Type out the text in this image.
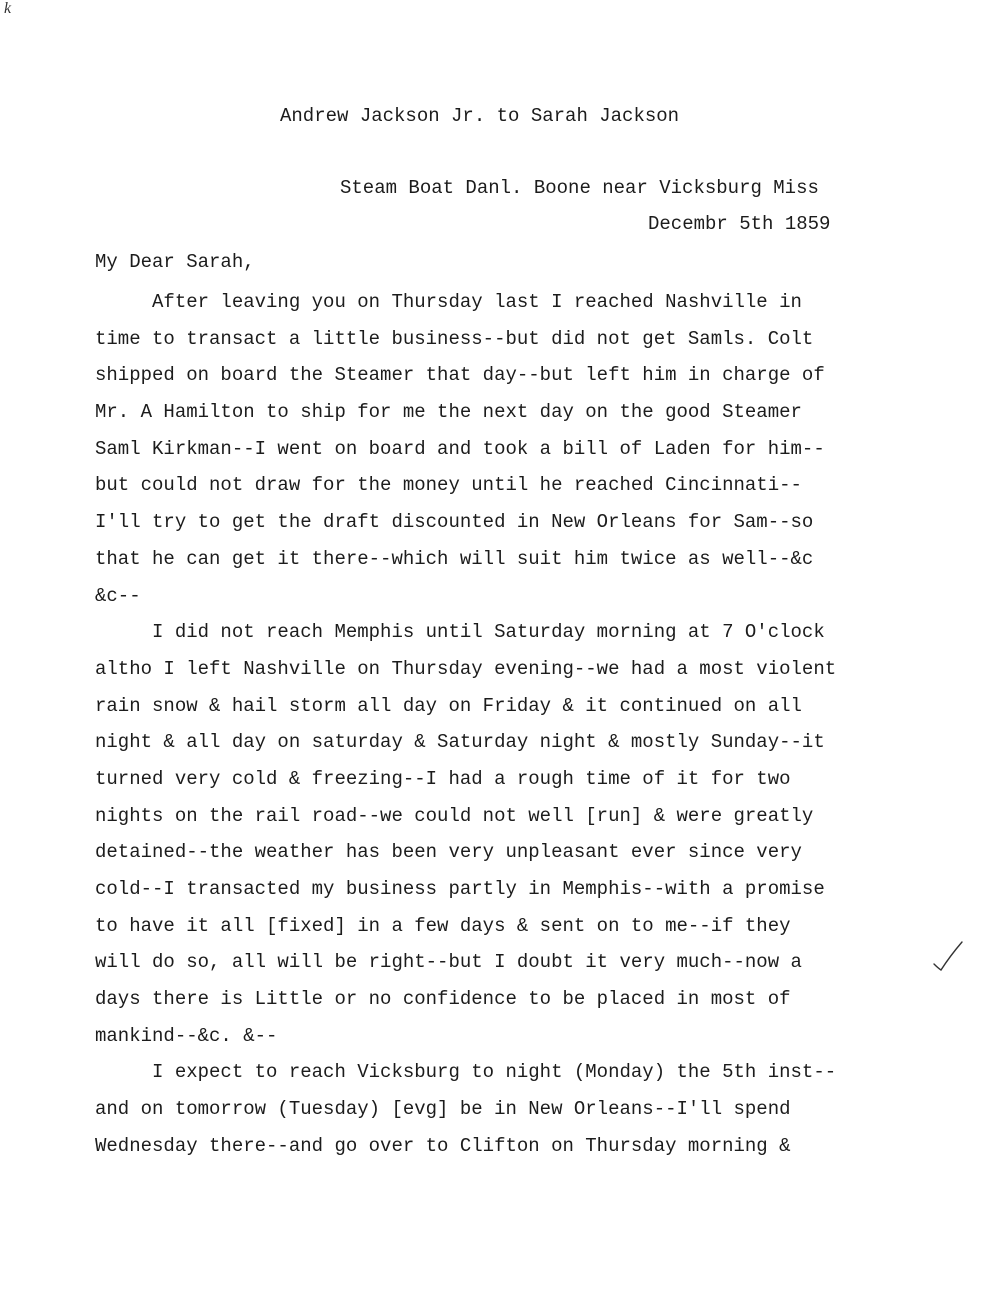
k
Andrew Jackson Jr. to Sarah Jackson
Steam Boat Danl. Boone near Vicksburg Miss
Decembr 5th 1859
My Dear Sarah,
After leaving you on Thursday last I reached Nashville in
time to transact a little business--but did not get Samls. Colt
shipped on board the Steamer that day--but left him in charge of
Mr. A Hamilton to ship for me the next day on the good Steamer
Saml Kirkman--I went on board and took a bill of Laden for him--
but could not draw for the money until he reached Cincinnati--
I'll try to get the draft discounted in New Orleans for Sam--so
that he can get it there--which will suit him twice as well--&c
&c--
I did not reach Memphis until Saturday morning at 7 O'clock
altho I left Nashville on Thursday evening--we had a most violent
rain snow & hail storm all day on Friday & it continued on all
night & all day on saturday & Saturday night & mostly Sunday--it
turned very cold & freezing--I had a rough time of it for two
nights on the rail road--we could not well [run] & were greatly
detained--the weather has been very unpleasant ever since very
cold--I transacted my business partly in Memphis--with a promise
to have it all [fixed] in a few days & sent on to me--if they
will do so, all will be right--but I doubt it very much--now a
days there is Little or no confidence to be placed in most of
mankind--&c. &--
I expect to reach Vicksburg to night (Monday) the 5th inst--
and on tomorrow (Tuesday) [evg] be in New Orleans--I'll spend
Wednesday there--and go over to Clifton on Thursday morning &
